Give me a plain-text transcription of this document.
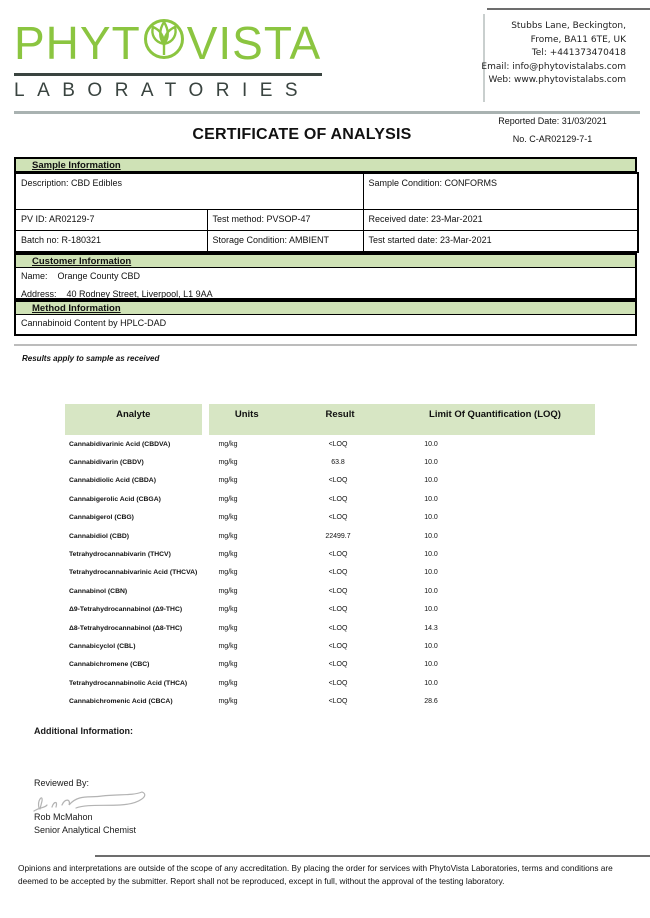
PHYT VISTA
LABORATORIES
Stubbs Lane, Beckington,
Frome, BA11 6TE, UK
Tel: +441373470418
Email: info@phytovistalabs.com
Web: www.phytovistalabs.com
Reported Date: 31/03/2021
No. C-AR02129-7-1
CERTIFICATE OF ANALYSIS
Sample Information
Description: CBD Edibles		Sample Condition: CONFORMS
PV ID: AR02129-7	Test method: PVSOP-47	Received date: 23-Mar-2021
Batch no: R-180321	Storage Condition: AMBIENT	Test started date: 23-Mar-2021
Customer Information
Name:    Orange County CBD
Address:    40 Rodney Street, Liverpool, L1 9AA
Method Information
Cannabinoid Content by HPLC-DAD
Results apply to sample as received
Analyte	Units	Result	Limit Of Quantification (LOQ)
Cannabidivarinic Acid (CBDVA)	mg/kg	<LOQ	10.0
Cannabidivarin (CBDV)	mg/kg	63.8	10.0
Cannabidiolic Acid (CBDA)	mg/kg	<LOQ	10.0
Cannabigerolic Acid (CBGA)	mg/kg	<LOQ	10.0
Cannabigerol (CBG)	mg/kg	<LOQ	10.0
Cannabidiol (CBD)	mg/kg	22499.7	10.0
Tetrahydrocannabivarin (THCV)	mg/kg	<LOQ	10.0
Tetrahydrocannabivarinic Acid (THCVA)	mg/kg	<LOQ	10.0
Cannabinol (CBN)	mg/kg	<LOQ	10.0
Δ9-Tetrahydrocannabinol (Δ9-THC)	mg/kg	<LOQ	10.0
Δ8-Tetrahydrocannabinol (Δ8-THC)	mg/kg	<LOQ	14.3
Cannabicyclol (CBL)	mg/kg	<LOQ	10.0
Cannabichromene (CBC)	mg/kg	<LOQ	10.0
Tetrahydrocannabinolic Acid (THCA)	mg/kg	<LOQ	10.0
Cannabichromenic Acid (CBCA)	mg/kg	<LOQ	28.6
Additional Information:
Reviewed By:
Rob McMahon
Senior Analytical Chemist
Opinions and interpretations are outside of the scope of any accreditation. By placing the order for services with PhytoVista Laboratories, terms and conditions are deemed to be accepted by the submitter. Report shall not be reproduced, except in full, without the approval of the testing laboratory.
